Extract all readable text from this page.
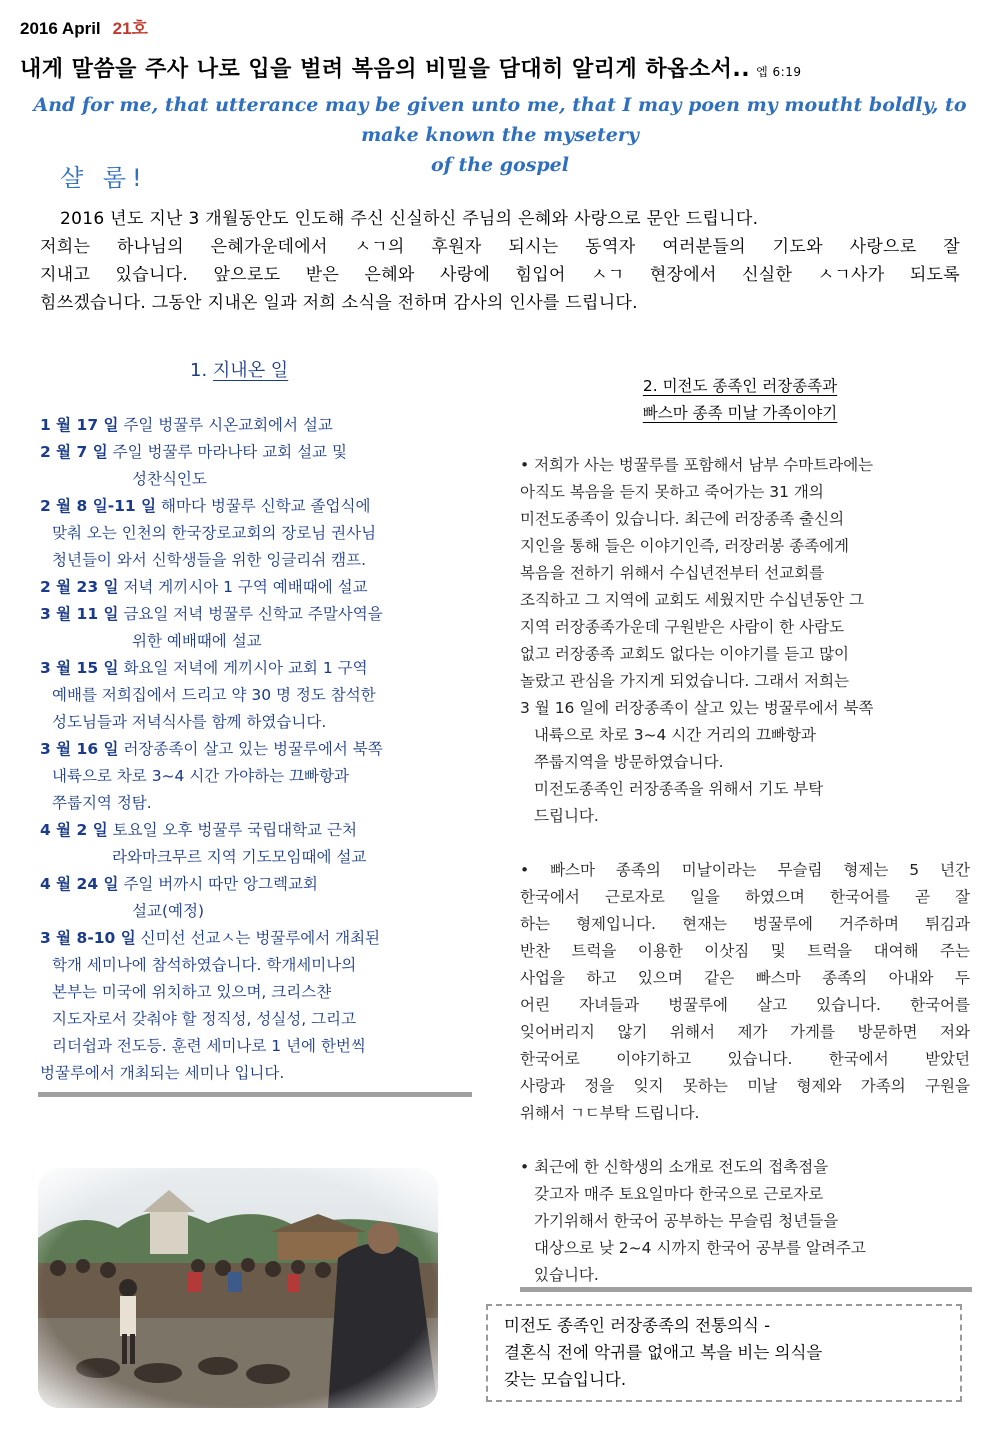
2016 April 21호
내게 말씀을 주사 나로 입을 벌려 복음의 비밀을 담대히 알리게 하옵소서.. 엡 6:19
And for me, that utterance may be given unto me, that I may poen my moutht boldly, to make known the mysetery
of the gospel
샬 롬!
2016 년도 지난 3 개월동안도 인도해 주신 신실하신 주님의 은혜와 사랑으로 문안 드립니다.
저희는 하나님의 은혜가운데에서 ㅅㄱ의 후원자 되시는 동역자 여러분들의 기도와 사랑으로 잘
지내고 있습니다. 앞으로도 받은 은혜와 사랑에 힘입어 ㅅㄱ 현장에서 신실한 ㅅㄱ사가 되도록
힘쓰겠습니다. 그동안 지내온 일과 저희 소식을 전하며 감사의 인사를 드립니다.
1. 지내온 일
1 월 17 일 주일 벙꿀루 시온교회에서 설교
2 월 7 일 주일 벙꿀루 마라나타 교회 설교 및
성찬식인도
2 월 8 일-11 일 해마다 벙꿀루 신학교 졸업식에
맞춰 오는 인천의 한국장로교회의 장로님 권사님
청년들이 와서 신학생들을 위한 잉글리쉬 캠프.
2 월 23 일 저녁 게끼시아 1 구역 예배때에 설교
3 월 11 일 금요일 저녁 벙꿀루 신학교 주말사역을
위한 예배때에 설교
3 월 15 일 화요일 저녁에 게끼시아 교회 1 구역
예배를 저희집에서 드리고 약 30 명 정도 참석한
성도님들과 저녁식사를 함께 하였습니다.
3 월 16 일 러장종족이 살고 있는 벙꿀루에서 북쪽
내륙으로 차로 3~4 시간 가야하는 끄빠항과
쭈룹지역 정탐.
4 월 2 일 토요일 오후 벙꿀루 국립대학교 근처
라와마크무르 지역 기도모임때에 설교
4 월 24 일 주일 버까시 따만 앙그렉교회
설교(예정)
3 월 8-10 일 신미선 선교ㅅ는 벙꿀루에서 개최된
학개 세미나에 참석하였습니다. 학개세미나의
본부는 미국에 위치하고 있으며, 크리스챤
지도자로서 갖춰야 할 정직성, 성실성, 그리고
리더쉽과 전도등. 훈련 세미나로 1 년에 한번씩
벙꿀루에서 개최되는 세미나 입니다.
2. 미전도 종족인 러장종족과
빠스마 종족 미날 가족이야기
• 저희가 사는 벙꿀루를 포함해서 남부 수마트라에는
아직도 복음을 듣지 못하고 죽어가는 31 개의
미전도종족이 있습니다. 최근에 러장종족 출신의
지인을 통해 들은 이야기인즉, 러장러봉 종족에게
복음을 전하기 위해서 수십년전부터 선교회를
조직하고 그 지역에 교회도 세웠지만 수십년동안 그
지역 러장종족가운데 구원받은 사람이 한 사람도
없고 러장종족 교회도 없다는 이야기를 듣고 많이
놀랐고 관심을 가지게 되었습니다. 그래서 저희는
3 월 16 일에 러장종족이 살고 있는 벙꿀루에서 북쪽
내륙으로 차로 3~4 시간 거리의 끄빠항과
쭈룹지역을 방문하였습니다.
미전도종족인 러장종족을 위해서 기도 부탁
드립니다.
• 빠스마 종족의 미날이라는 무슬림 형제는 5 년간
한국에서 근로자로 일을 하였으며 한국어를 곧 잘
하는 형제입니다. 현재는 벙꿀루에 거주하며 튀김과
반찬 트럭을 이용한 이삿짐 및 트럭을 대여해 주는
사업을 하고 있으며 같은 빠스마 종족의 아내와 두
어린 자녀들과 벙꿀루에 살고 있습니다. 한국어를
잊어버리지 않기 위해서 제가 가게를 방문하면 저와
한국어로 이야기하고 있습니다. 한국에서 받았던
사랑과 정을 잊지 못하는 미날 형제와 가족의 구원을
위해서 ㄱㄷ부탁 드립니다.
• 최근에 한 신학생의 소개로 전도의 접촉점을
갖고자 매주 토요일마다 한국으로 근로자로
가기위해서 한국어 공부하는 무슬림 청년들을
대상으로 낮 2~4 시까지 한국어 공부를 알려주고
있습니다.
미전도 종족인 러장종족의 전통의식 -
결혼식 전에 악귀를 없애고 복을 비는 의식을
갖는 모습입니다.
